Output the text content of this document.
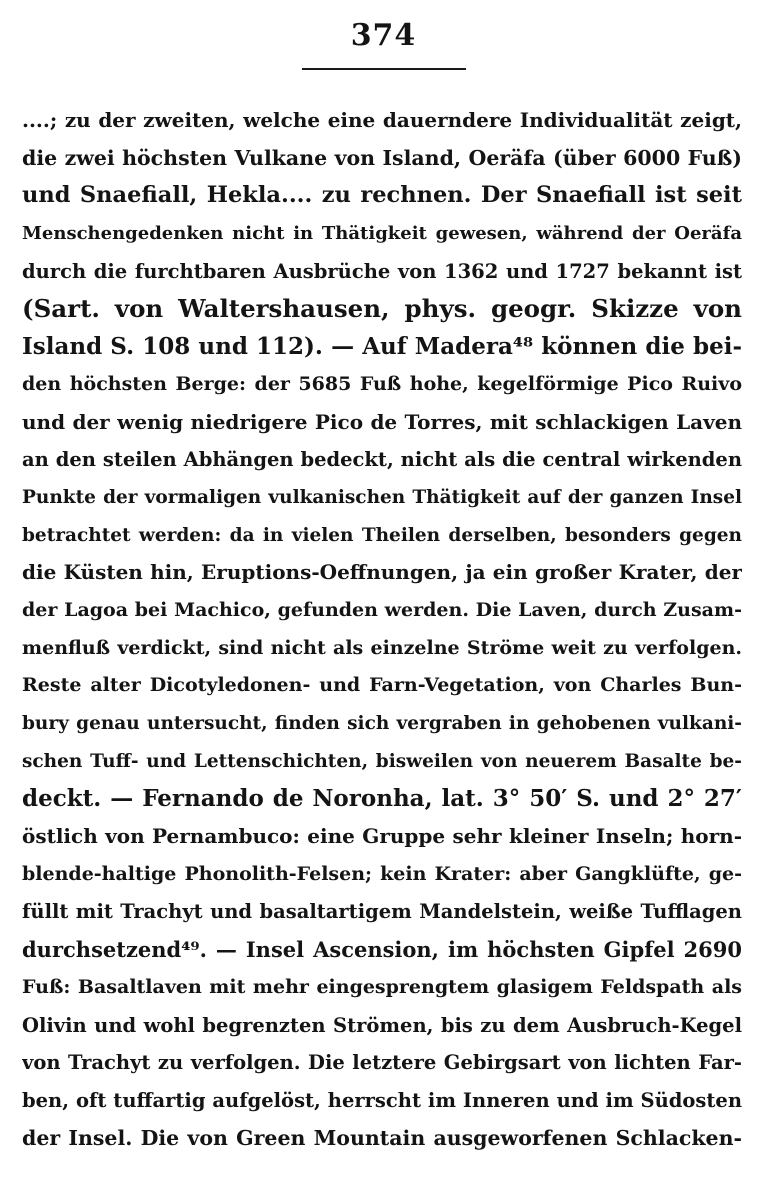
374
....; zu der zweiten, welche eine dauerndere Individualität zeigt,
die zwei höchsten Vulkane von Island, Oeräfa (über 6000 Fuß)
und Snaefiall, Hekla.... zu rechnen. Der Snaefiall ist seit
Menschengedenken nicht in Thätigkeit gewesen, während der Oeräfa
durch die furchtbaren Ausbrüche von 1362 und 1727 bekannt ist
(Sart. von Waltershausen, phys. geogr. Skizze von
Island S. 108 und 112). — Auf Madera⁴⁸ können die bei-
den höchsten Berge: der 5685 Fuß hohe, kegelförmige Pico Ruivo
und der wenig niedrigere Pico de Torres, mit schlackigen Laven
an den steilen Abhängen bedeckt, nicht als die central wirkenden
Punkte der vormaligen vulkanischen Thätigkeit auf der ganzen Insel
betrachtet werden: da in vielen Theilen derselben, besonders gegen
die Küsten hin, Eruptions-Oeffnungen, ja ein großer Krater, der
der Lagoa bei Machico, gefunden werden. Die Laven, durch Zusam-
menfluß verdickt, sind nicht als einzelne Ströme weit zu verfolgen.
Reste alter Dicotyledonen- und Farn-Vegetation, von Charles Bun-
bury genau untersucht, finden sich vergraben in gehobenen vulkani-
schen Tuff- und Lettenschichten, bisweilen von neuerem Basalte be-
deckt. — Fernando de Noronha, lat. 3° 50′ S. und 2° 27′
östlich von Pernambuco: eine Gruppe sehr kleiner Inseln; horn-
blende-haltige Phonolith-Felsen; kein Krater: aber Gangklüfte, ge-
füllt mit Trachyt und basaltartigem Mandelstein, weiße Tufflagen
durchsetzend⁴⁹. — Insel Ascension, im höchsten Gipfel 2690
Fuß: Basaltlaven mit mehr eingesprengtem glasigem Feldspath als
Olivin und wohl begrenzten Strömen, bis zu dem Ausbruch-Kegel
von Trachyt zu verfolgen. Die letztere Gebirgsart von lichten Far-
ben, oft tuffartig aufgelöst, herrscht im Inneren und im Südosten
der Insel. Die von Green Mountain ausgeworfenen Schlacken-
